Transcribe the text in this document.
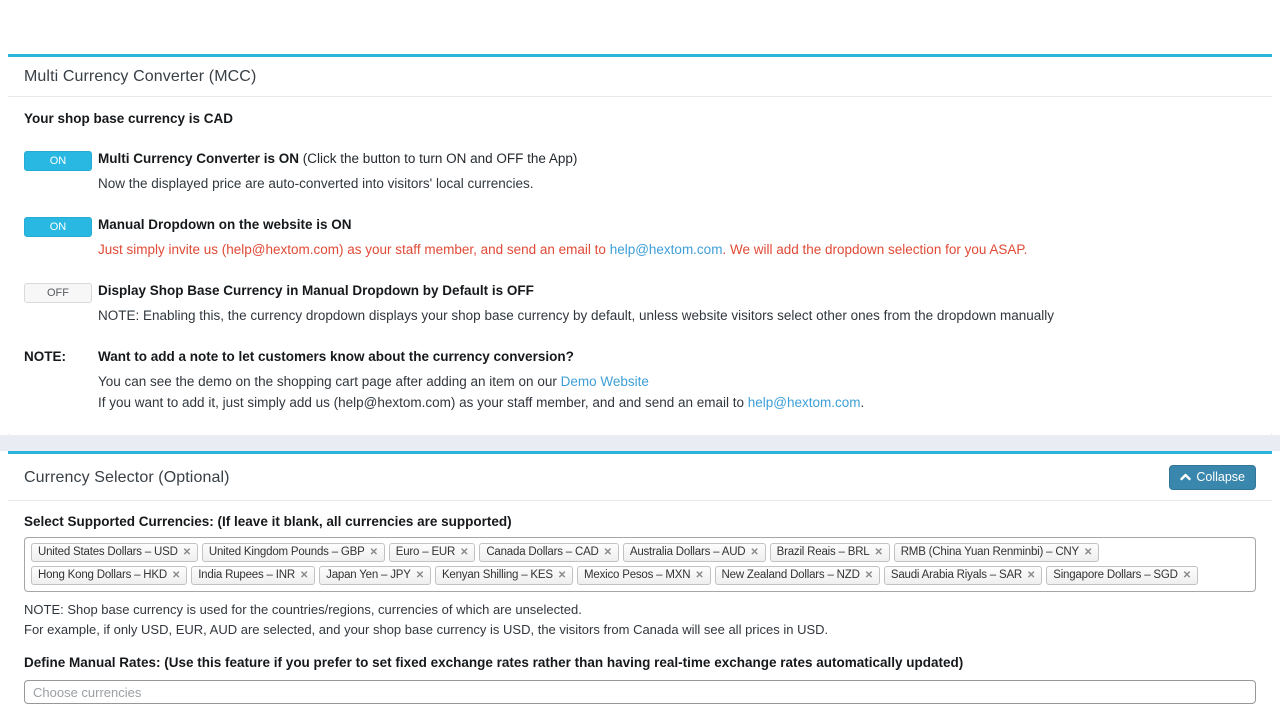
Multi Currency Converter (MCC)

Your shop base currency is CAD

ON	Multi Currency Converter is ON (Click the button to turn ON and OFF the App)
Now the displayed price are auto-converted into visitors' local currencies.
ON	Manual Dropdown on the website is ON
Just simply invite us (help@hextom.com) as your staff member, and send an email to help@hextom.com. We will add the dropdown selection for you ASAP.
OFF	Display Shop Base Currency in Manual Dropdown by Default is OFF
NOTE: Enabling this, the currency dropdown displays your shop base currency by default, unless website visitors select other ones from the dropdown manually
NOTE:	Want to add a note to let customers know about the currency conversion?
You can see the demo on the shopping cart page after adding an item on our Demo Website
If you want to add it, just simply add us (help@hextom.com) as your staff member, and and send an email to help@hextom.com.
Currency Selector (Optional)	Collapse

Select Supported Currencies: (If leave it blank, all currencies are supported)

United States Dollars – USD ✕ United Kingdom Pounds – GBP ✕ Euro – EUR ✕ Canada Dollars – CAD ✕ Australia Dollars – AUD ✕ Brazil Reais – BRL ✕ RMB (China Yuan Renminbi) – CNY ✕
Hong Kong Dollars – HKD ✕ India Rupees – INR ✕ Japan Yen – JPY ✕ Kenyan Shilling – KES ✕ Mexico Pesos – MXN ✕ New Zealand Dollars – NZD ✕ Saudi Arabia Riyals – SAR ✕ Singapore Dollars – SGD ✕

NOTE: Shop base currency is used for the countries/regions, currencies of which are unselected.

For example, if only USD, EUR, AUD are selected, and your shop base currency is USD, the visitors from Canada will see all prices in USD.

Define Manual Rates: (Use this feature if you prefer to set fixed exchange rates rather than having real-time exchange rates automatically updated)

Choose currencies
